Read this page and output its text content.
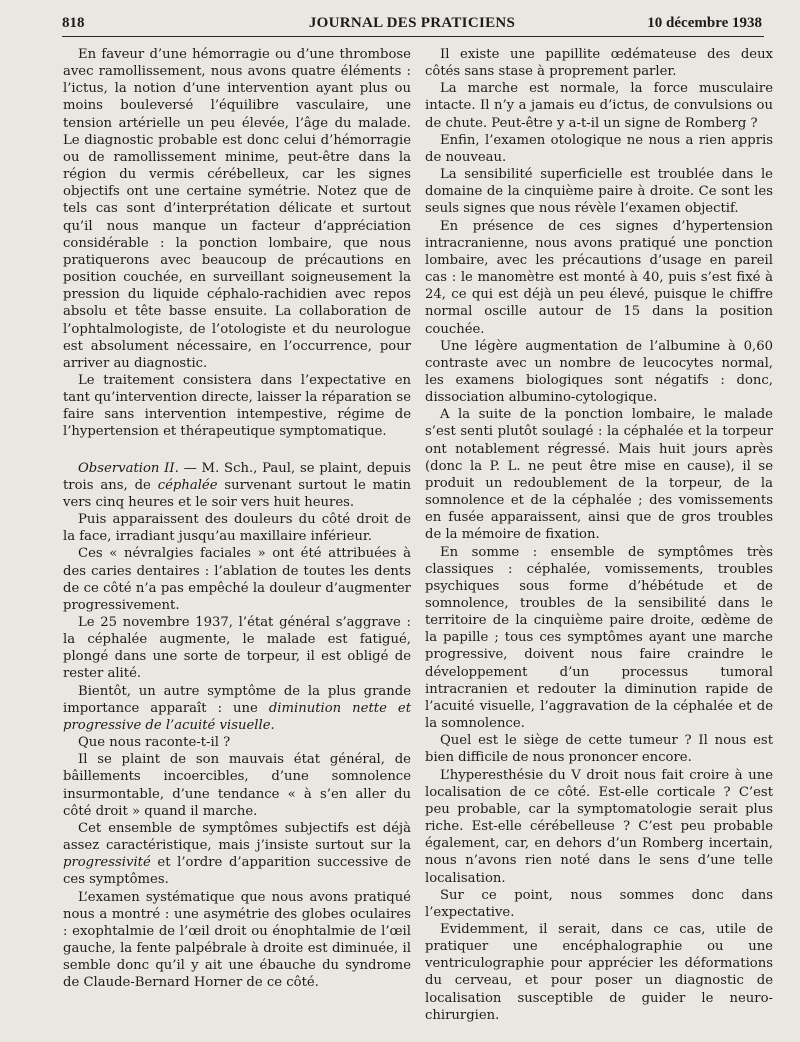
818	JOURNAL DES PRATICIENS	10 décembre 1938

En faveur d’une hémorragie ou d’une thrombose avec ramollissement, nous avons quatre éléments : l’ictus, la notion d’une intervention ayant plus ou moins bouleversé l’équilibre vasculaire, une tension artérielle un peu élevée, l’âge du malade. Le diagnostic probable est donc celui d’hémorragie ou de ramollissement minime, peut-être dans la région du vermis cérébelleux, car les signes objectifs ont une certaine symétrie. Notez que de tels cas sont d’interprétation délicate et surtout qu’il nous manque un facteur d’appréciation considérable : la ponction lombaire, que nous pratiquerons avec beaucoup de précautions en position couchée, en surveillant soigneusement la pression du liquide céphalo-rachidien avec repos absolu et tête basse ensuite. La collaboration de l’ophtalmologiste, de l’otologiste et du neurologue est absolument nécessaire, en l’occurrence, pour arriver au diagnostic.

Le traitement consistera dans l’expectative en tant qu’intervention directe, laisser la réparation se faire sans intervention intempestive, régime de l’hypertension et thérapeutique symptomatique.

Observation II. — M. Sch., Paul, se plaint, depuis trois ans, de céphalée survenant surtout le matin vers cinq heures et le soir vers huit heures.

Puis apparaissent des douleurs du côté droit de la face, irradiant jusqu’au maxillaire inférieur.

Ces « névralgies faciales » ont été attribuées à des caries dentaires : l’ablation de toutes les dents de ce côté n’a pas empêché la douleur d’augmenter progressivement.

Le 25 novembre 1937, l’état général s’aggrave : la céphalée augmente, le malade est fatigué, plongé dans une sorte de torpeur, il est obligé de rester alité.

Bientôt, un autre symptôme de la plus grande importance apparaît : une diminution nette et progressive de l’acuité visuelle.

Que nous raconte-t-il ?

Il se plaint de son mauvais état général, de bâillements incoercibles, d’une somnolence insurmontable, d’une tendance « à s’en aller du côté droit » quand il marche.

Cet ensemble de symptômes subjectifs est déjà assez caractéristique, mais j’insiste surtout sur la progressivité et l’ordre d’apparition successive de ces symptômes.

L’examen systématique que nous avons pratiqué nous a montré : une asymétrie des globes oculaires : exophtalmie de l’œil droit ou énophtalmie de l’œil gauche, la fente palpébrale à droite est diminuée, il semble donc qu’il y ait une ébauche du syndrome de Claude-Bernard Horner de ce côté.

Il existe une papillite œdémateuse des deux côtés sans stase à proprement parler.

La marche est normale, la force musculaire intacte. Il n’y a jamais eu d’ictus, de convulsions ou de chute. Peut-être y a-t-il un signe de Romberg ?

Enfin, l’examen otologique ne nous a rien appris de nouveau.

La sensibilité superficielle est troublée dans le domaine de la cinquième paire à droite. Ce sont les seuls signes que nous révèle l’examen objectif.

En présence de ces signes d’hypertension intracranienne, nous avons pratiqué une ponction lombaire, avec les précautions d’usage en pareil cas : le manomètre est monté à 40, puis s’est fixé à 24, ce qui est déjà un peu élevé, puisque le chiffre normal oscille autour de 15 dans la position couchée.

Une légère augmentation de l’albumine à 0,60 contraste avec un nombre de leucocytes normal, les examens biologiques sont négatifs : donc, dissociation albumino-cytologique.

A la suite de la ponction lombaire, le malade s’est senti plutôt soulagé : la céphalée et la torpeur ont notablement régressé. Mais huit jours après (donc la P. L. ne peut être mise en cause), il se produit un redoublement de la torpeur, de la somnolence et de la céphalée ; des vomissements en fusée apparaissent, ainsi que de gros troubles de la mémoire de fixation.

En somme : ensemble de symptômes très classiques : céphalée, vomissements, troubles psychiques sous forme d’hébétude et de somnolence, troubles de la sensibilité dans le territoire de la cinquième paire droite, œdème de la papille ; tous ces symptômes ayant une marche progressive, doivent nous faire craindre le développement d’un processus tumoral intracranien et redouter la diminution rapide de l’acuité visuelle, l’aggravation de la céphalée et de la somnolence.

Quel est le siège de cette tumeur ? Il nous est bien difficile de nous prononcer encore.

L’hyperesthésie du V droit nous fait croire à une localisation de ce côté. Est-elle corticale ? C’est peu probable, car la symptomatologie serait plus riche. Est-elle cérébelleuse ? C’est peu probable également, car, en dehors d’un Romberg incertain, nous n’avons rien noté dans le sens d’une telle localisation.

Sur ce point, nous sommes donc dans l’expectative.

Evidemment, il serait, dans ce cas, utile de pratiquer une encéphalographie ou une ventriculographie pour apprécier les déformations du cerveau, et pour poser un diagnostic de localisation susceptible de guider le neuro-chirurgien.
